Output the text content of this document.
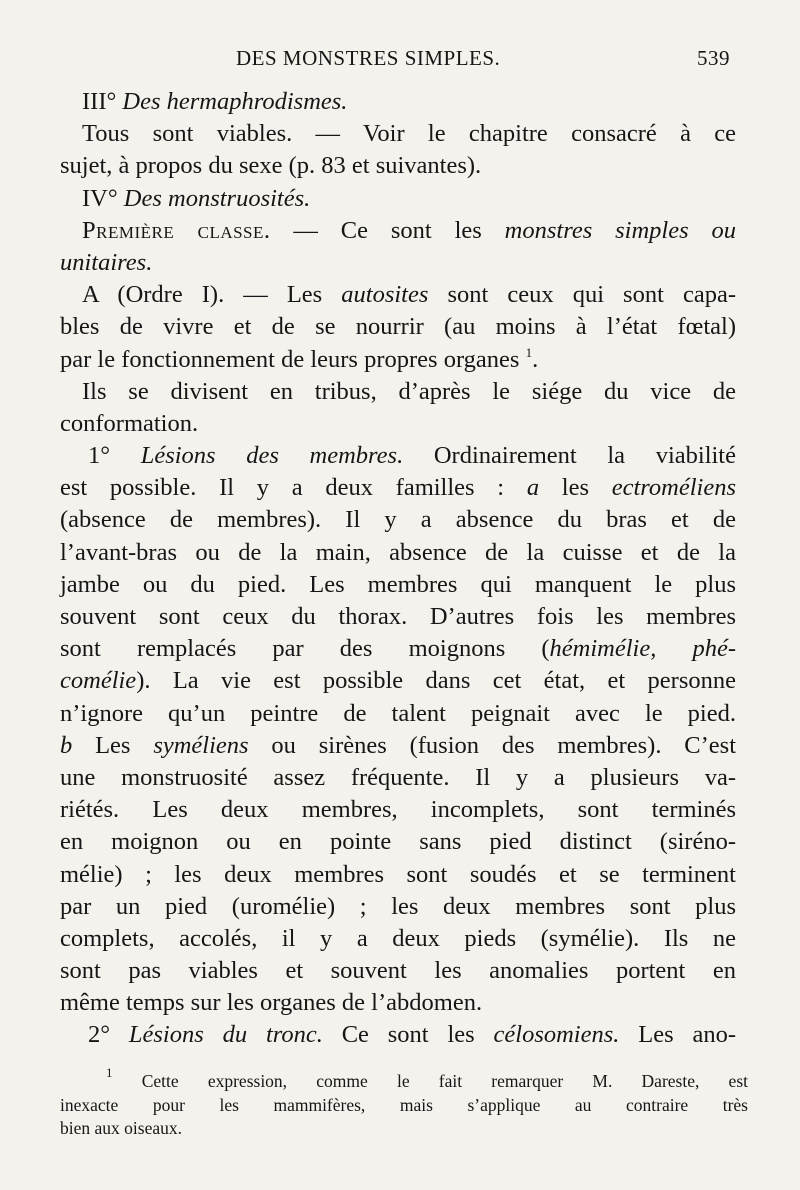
DES MONSTRES SIMPLES.	539
III° Des hermaphrodismes.
Tous sont viables. — Voir le chapitre consacré à ce
sujet, à propos du sexe (p. 83 et suivantes).
IV° Des monstruosités.
Première classe. — Ce sont les monstres simples ou
unitaires.
A (Ordre I). — Les autosites sont ceux qui sont capa-
bles de vivre et de se nourrir (au moins à l’état fœtal)
par le fonctionnement de leurs propres organes $^1$.
Ils se divisent en tribus, d’après le siége du vice de
conformation.
1° Lésions des membres. Ordinairement la viabilité
est possible. Il y a deux familles : a les ectroméliens
(absence de membres). Il y a absence du bras et de
l’avant-bras ou de la main, absence de la cuisse et de la
jambe ou du pied. Les membres qui manquent le plus
souvent sont ceux du thorax. D’autres fois les membres
sont remplacés par des moignons (hémimélie, phé-
comélie). La vie est possible dans cet état, et personne
n’ignore qu’un peintre de talent peignait avec le pied.
b Les syméliens ou sirènes (fusion des membres). C’est
une monstruosité assez fréquente. Il y a plusieurs va-
riétés. Les deux membres, incomplets, sont terminés
en moignon ou en pointe sans pied distinct (siréno-
mélie) ; les deux membres sont soudés et se terminent
par un pied (uromélie) ; les deux membres sont plus
complets, accolés, il y a deux pieds (symélie). Ils ne
sont pas viables et souvent les anomalies portent en
même temps sur les organes de l’abdomen.
2° Lésions du tronc. Ce sont les célosomiens. Les ano-
$^1$ Cette expression, comme le fait remarquer M. Dareste, est
inexacte pour les mammifères, mais s’applique au contraire très
bien aux oiseaux.
